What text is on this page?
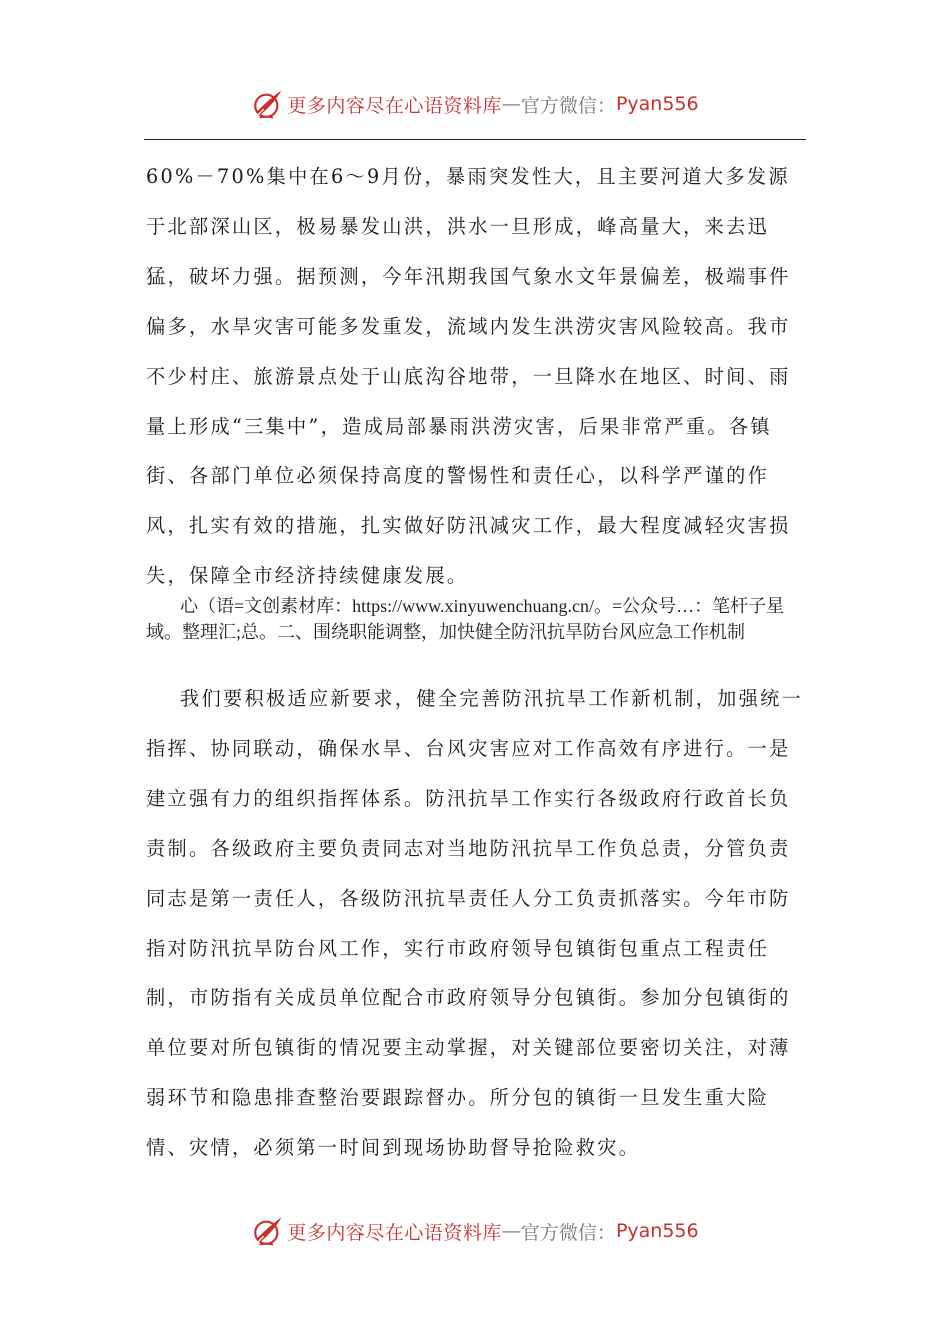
更多内容尽在心语资料库 — 官方微信： Pyan556

60%－70%集中在6～9月份，暴雨突发性大，且主要河道大多发源于北部深山区，极易暴发山洪，洪水一旦形成，峰高量大，来去迅猛，破坏力强。据预测，今年汛期我国气象水文年景偏差，极端事件偏多，水旱灾害可能多发重发，流域内发生洪涝灾害风险较高。我市不少村庄、旅游景点处于山底沟谷地带，一旦降水在地区、时间、雨量上形成“三集中”，造成局部暴雨洪涝灾害，后果非常严重。各镇街、各部门单位必须保持高度的警惕性和责任心，以科学严谨的作风，扎实有效的措施，扎实做好防汛减灾工作，最大程度减轻灾害损失，保障全市经济持续健康发展。

心（语=文创素材库：https://www.xinyuwenchuang.cn/。=公众号…：笔杆子星域。整理汇;总。二、围绕职能调整，加快健全防汛抗旱防台风应急工作机制

我们要积极适应新要求，健全完善防汛抗旱工作新机制，加强统一指挥、协同联动，确保水旱、台风灾害应对工作高效有序进行。一是建立强有力的组织指挥体系。防汛抗旱工作实行各级政府行政首长负责制。各级政府主要负责同志对当地防汛抗旱工作负总责，分管负责同志是第一责任人，各级防汛抗旱责任人分工负责抓落实。今年市防指对防汛抗旱防台风工作，实行市政府领导包镇街包重点工程责任制，市防指有关成员单位配合市政府领导分包镇街。参加分包镇街的单位要对所包镇街的情况要主动掌握，对关键部位要密切关注，对薄弱环节和隐患排查整治要跟踪督办。所分包的镇街一旦发生重大险情、灾情，必须第一时间到现场协助督导抢险救灾。

更多内容尽在心语资料库 — 官方微信： Pyan556
